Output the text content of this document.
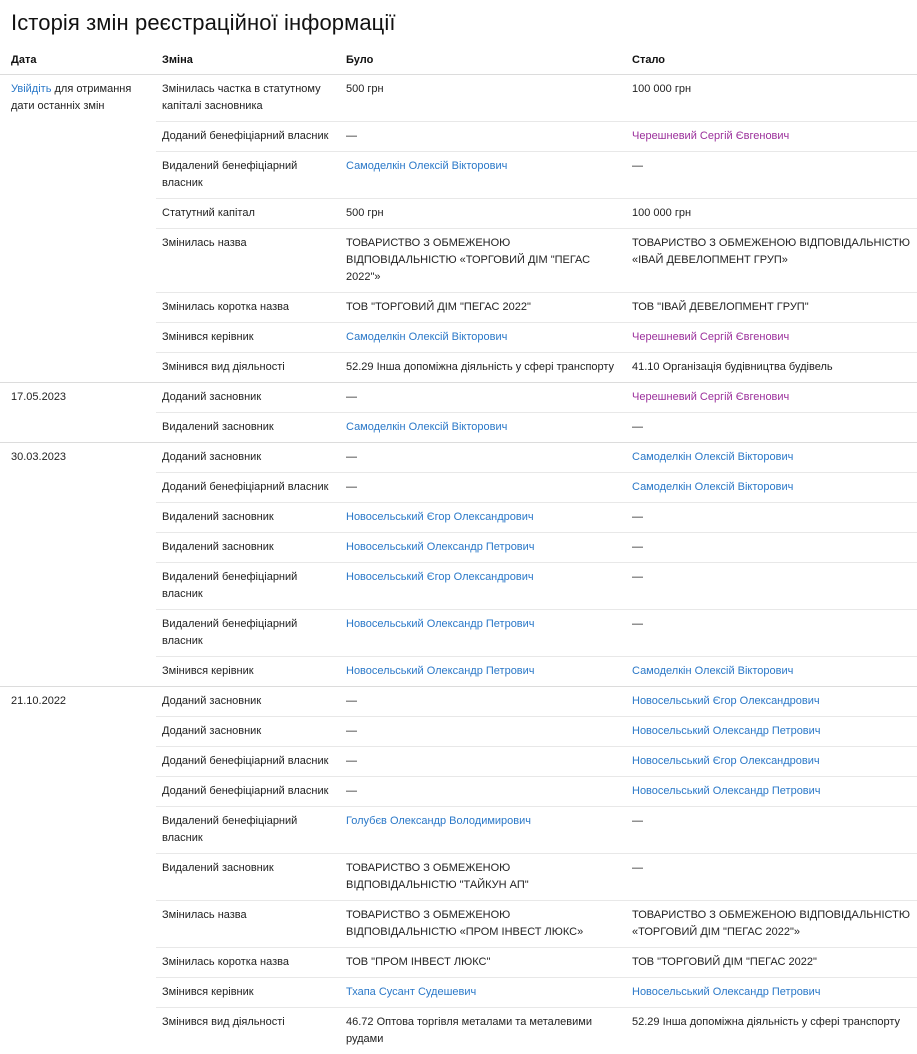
Історія змін реєстраційної інформації
Дата	Зміна	Було	Стало
Увійдіть для отримання дати останніх змін	Змінилась частка в статутному капіталі засновника	500 грн	100 000 грн
	Доданий бенефіціарний власник	—	Черешневий Сергій Євгенович
	Видалений бенефіціарний власник	Самоделкін Олексій Вікторович	—
	Статутний капітал	500 грн	100 000 грн
	Змінилась назва	ТОВАРИСТВО З ОБМЕЖЕНОЮ ВІДПОВІДАЛЬНІСТЮ «ТОРГОВИЙ ДІМ "ПЕГАС 2022"»	ТОВАРИСТВО З ОБМЕЖЕНОЮ ВІДПОВІДАЛЬНІСТЮ «ІВАЙ ДЕВЕЛОПМЕНТ ГРУП»
	Змінилась коротка назва	ТОВ "ТОРГОВИЙ ДІМ "ПЕГАС 2022"	ТОВ "ІВАЙ ДЕВЕЛОПМЕНТ ГРУП"
	Змінився керівник	Самоделкін Олексій Вікторович	Черешневий Сергій Євгенович
	Змінився вид діяльності	52.29 Інша допоміжна діяльність у сфері транспорту	41.10 Організація будівництва будівель
17.05.2023	Доданий засновник	—	Черешневий Сергій Євгенович
	Видалений засновник	Самоделкін Олексій Вікторович	—
30.03.2023	Доданий засновник	—	Самоделкін Олексій Вікторович
	Доданий бенефіціарний власник	—	Самоделкін Олексій Вікторович
	Видалений засновник	Новосельський Єгор Олександрович	—
	Видалений засновник	Новосельський Олександр Петрович	—
	Видалений бенефіціарний власник	Новосельський Єгор Олександрович	—
	Видалений бенефіціарний власник	Новосельський Олександр Петрович	—
	Змінився керівник	Новосельський Олександр Петрович	Самоделкін Олексій Вікторович
21.10.2022	Доданий засновник	—	Новосельський Єгор Олександрович
	Доданий засновник	—	Новосельський Олександр Петрович
	Доданий бенефіціарний власник	—	Новосельський Єгор Олександрович
	Доданий бенефіціарний власник	—	Новосельський Олександр Петрович
	Видалений бенефіціарний власник	Голубєв Олександр Володимирович	—
	Видалений засновник	ТОВАРИСТВО З ОБМЕЖЕНОЮ ВІДПОВІДАЛЬНІСТЮ "ТАЙКУН АП"	—
	Змінилась назва	ТОВАРИСТВО З ОБМЕЖЕНОЮ ВІДПОВІДАЛЬНІСТЮ «ПРОМ ІНВЕСТ ЛЮКС»	ТОВАРИСТВО З ОБМЕЖЕНОЮ ВІДПОВІДАЛЬНІСТЮ «ТОРГОВИЙ ДІМ "ПЕГАС 2022"»
	Змінилась коротка назва	ТОВ "ПРОМ ІНВЕСТ ЛЮКС"	ТОВ "ТОРГОВИЙ ДІМ "ПЕГАС 2022"
	Змінився керівник	Тхапа Сусант Судешевич	Новосельський Олександр Петрович
	Змінився вид діяльності	46.72 Оптова торгівля металами та металевими рудами	52.29 Інша допоміжна діяльність у сфері транспорту
